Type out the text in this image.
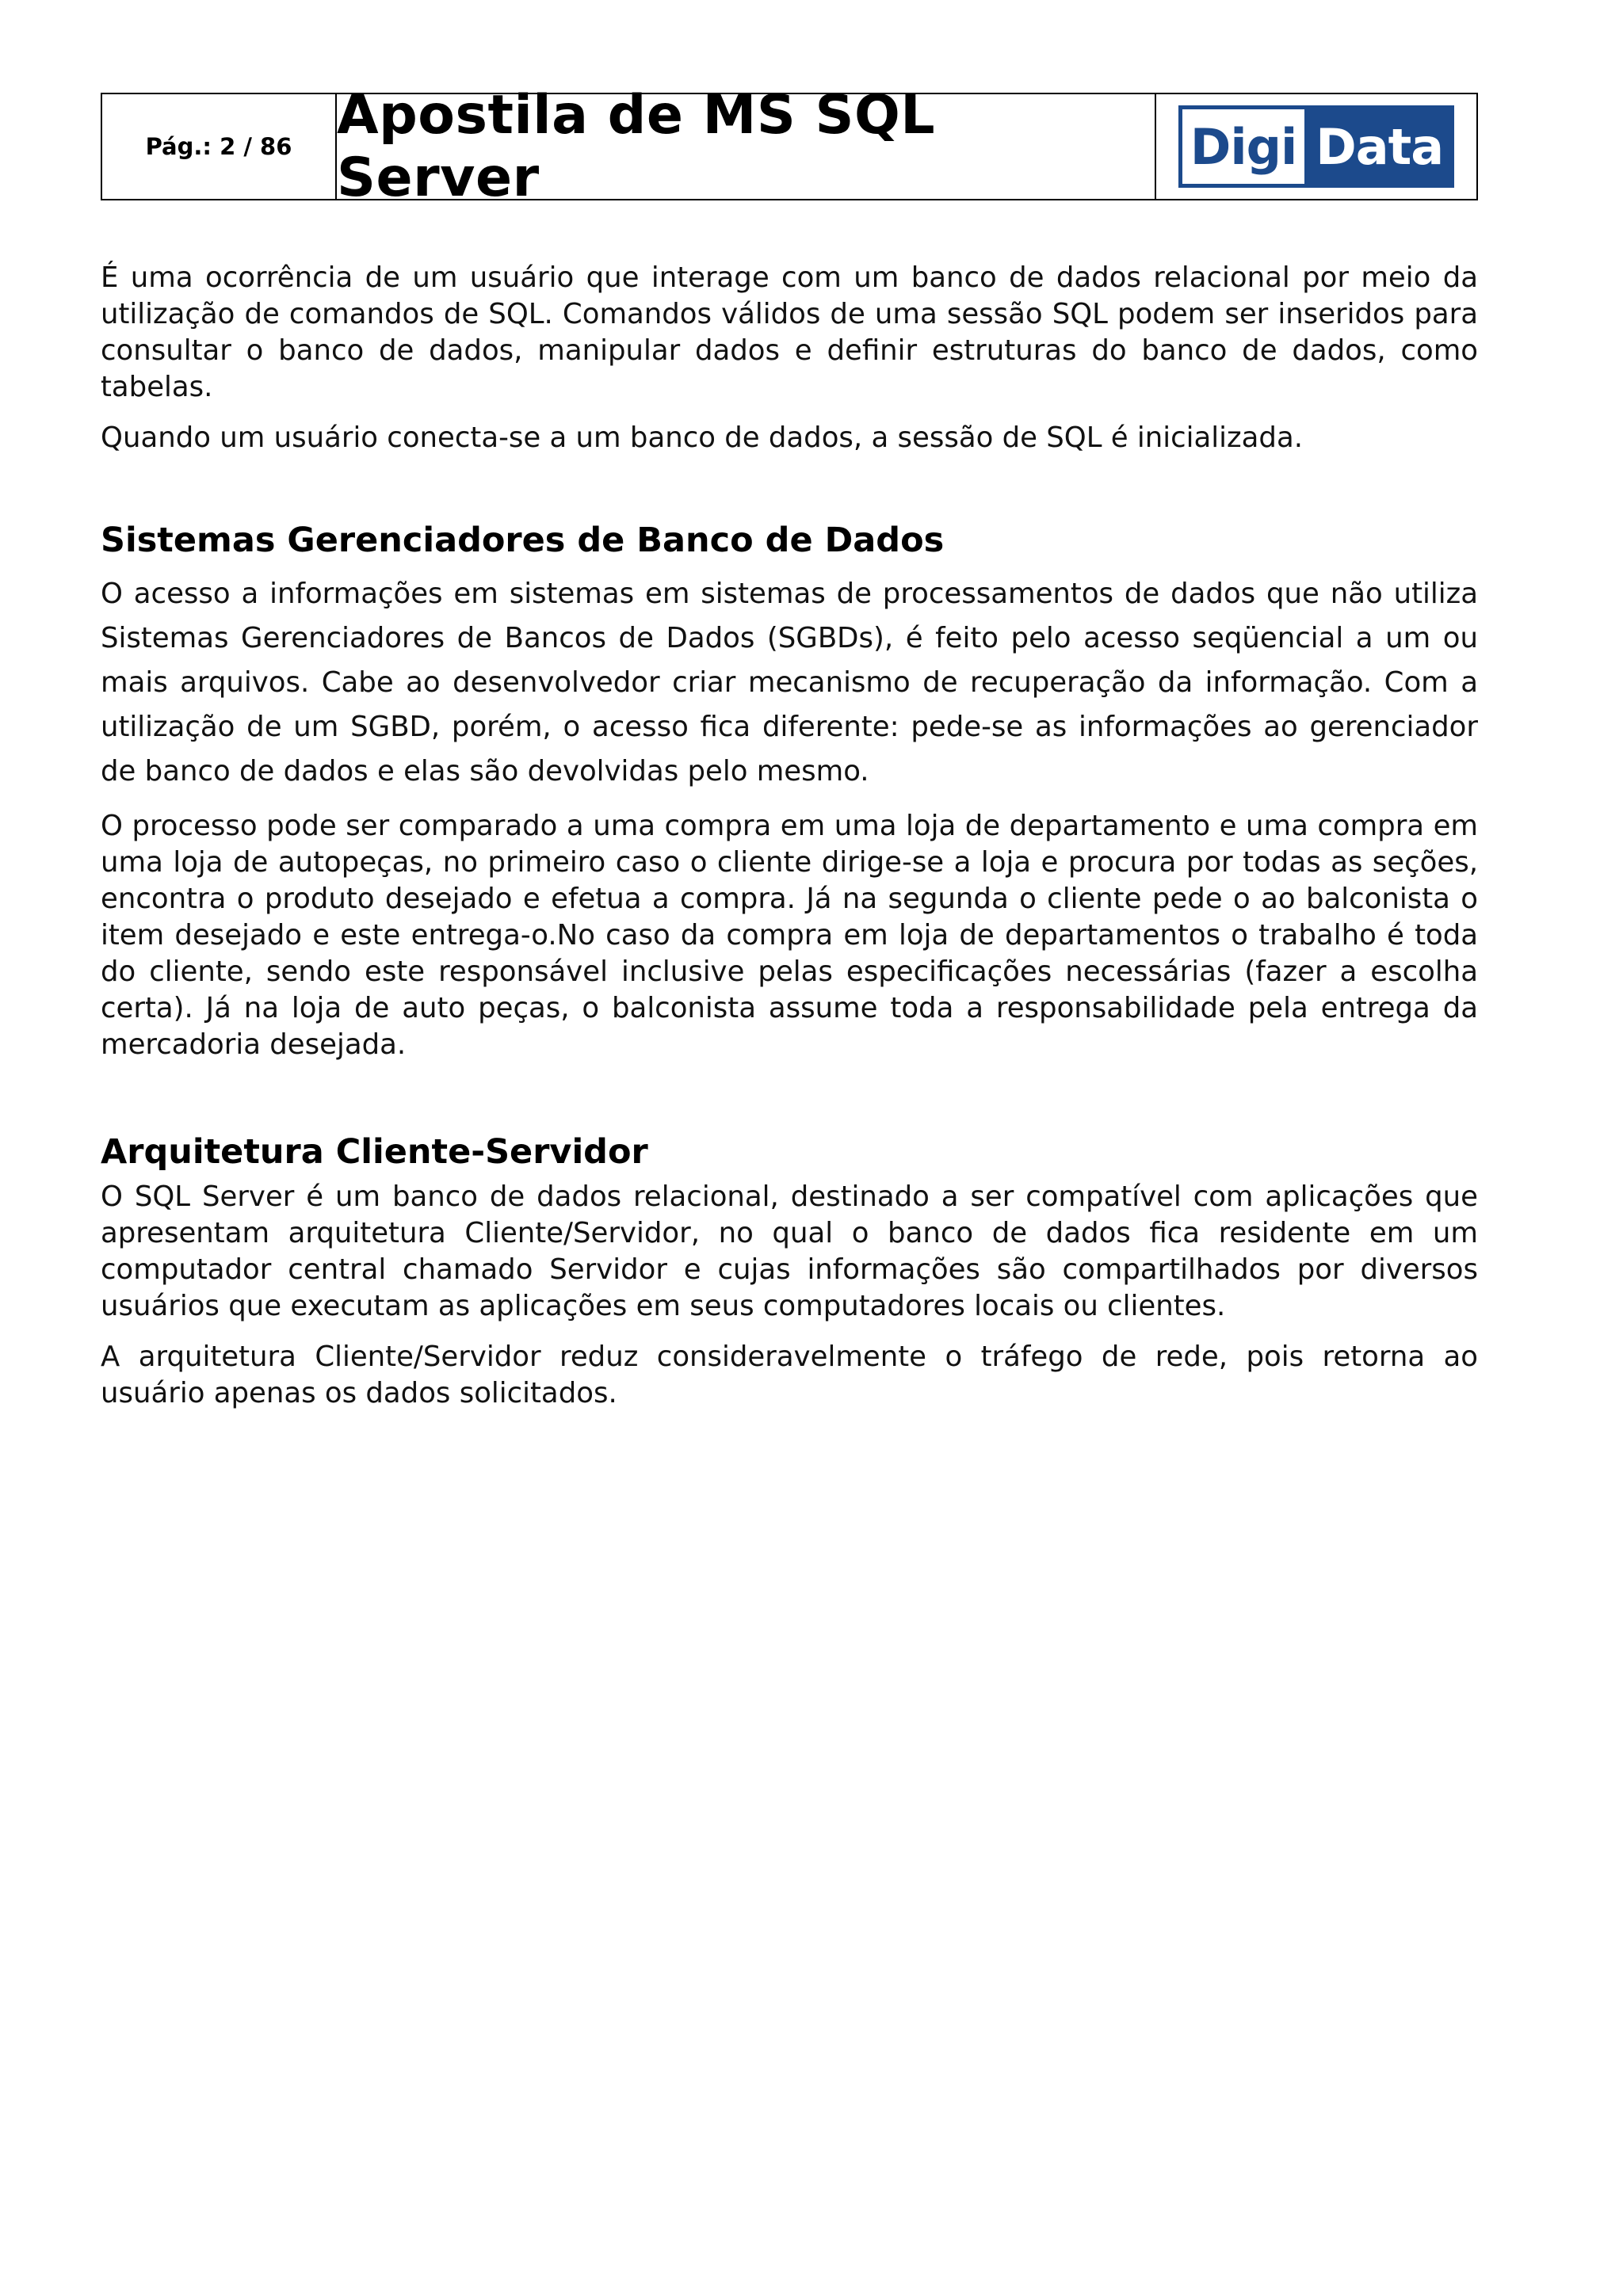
Pág.: 2 / 86 Apostila de MS SQL Server	Digi Data

É uma ocorrência de um usuário que interage com um banco de dados relacional por meio da utilização de comandos de SQL. Comandos válidos de uma sessão SQL podem ser inseridos para consultar o banco de dados, manipular dados e definir estruturas do banco de dados, como tabelas.

Quando um usuário conecta-se a um banco de dados, a sessão de SQL é inicializada.

Sistemas Gerenciadores de Banco de Dados

O acesso a informações em sistemas em sistemas de processamentos de dados que não utiliza Sistemas Gerenciadores de Bancos de Dados (SGBDs), é feito pelo acesso seqüencial a um ou mais arquivos. Cabe ao desenvolvedor criar mecanismo de recuperação da informação. Com a utilização de um SGBD, porém, o acesso fica diferente: pede-se as informações ao gerenciador de banco de dados e elas são devolvidas pelo mesmo.

O processo pode ser comparado a uma compra em uma loja de departamento e uma compra em uma loja de autopeças, no primeiro caso o cliente dirige-se a loja e procura por todas as seções, encontra o produto desejado e efetua a compra. Já na segunda o cliente pede o ao balconista o item desejado e este entrega-o.No caso da compra em loja de departamentos o trabalho é toda do cliente, sendo este responsável inclusive pelas especificações necessárias (fazer a escolha certa). Já na loja de auto peças, o balconista assume toda a responsabilidade pela entrega da mercadoria desejada.

Arquitetura Cliente-Servidor

O SQL Server é um banco de dados relacional, destinado a ser compatível com aplicações que apresentam arquitetura Cliente/Servidor, no qual o banco de dados fica residente em um computador central chamado Servidor e cujas informações são compartilhados por diversos usuários que executam as aplicações em seus computadores locais ou clientes.

A arquitetura Cliente/Servidor reduz consideravelmente o tráfego de rede, pois retorna ao usuário apenas os dados solicitados.
